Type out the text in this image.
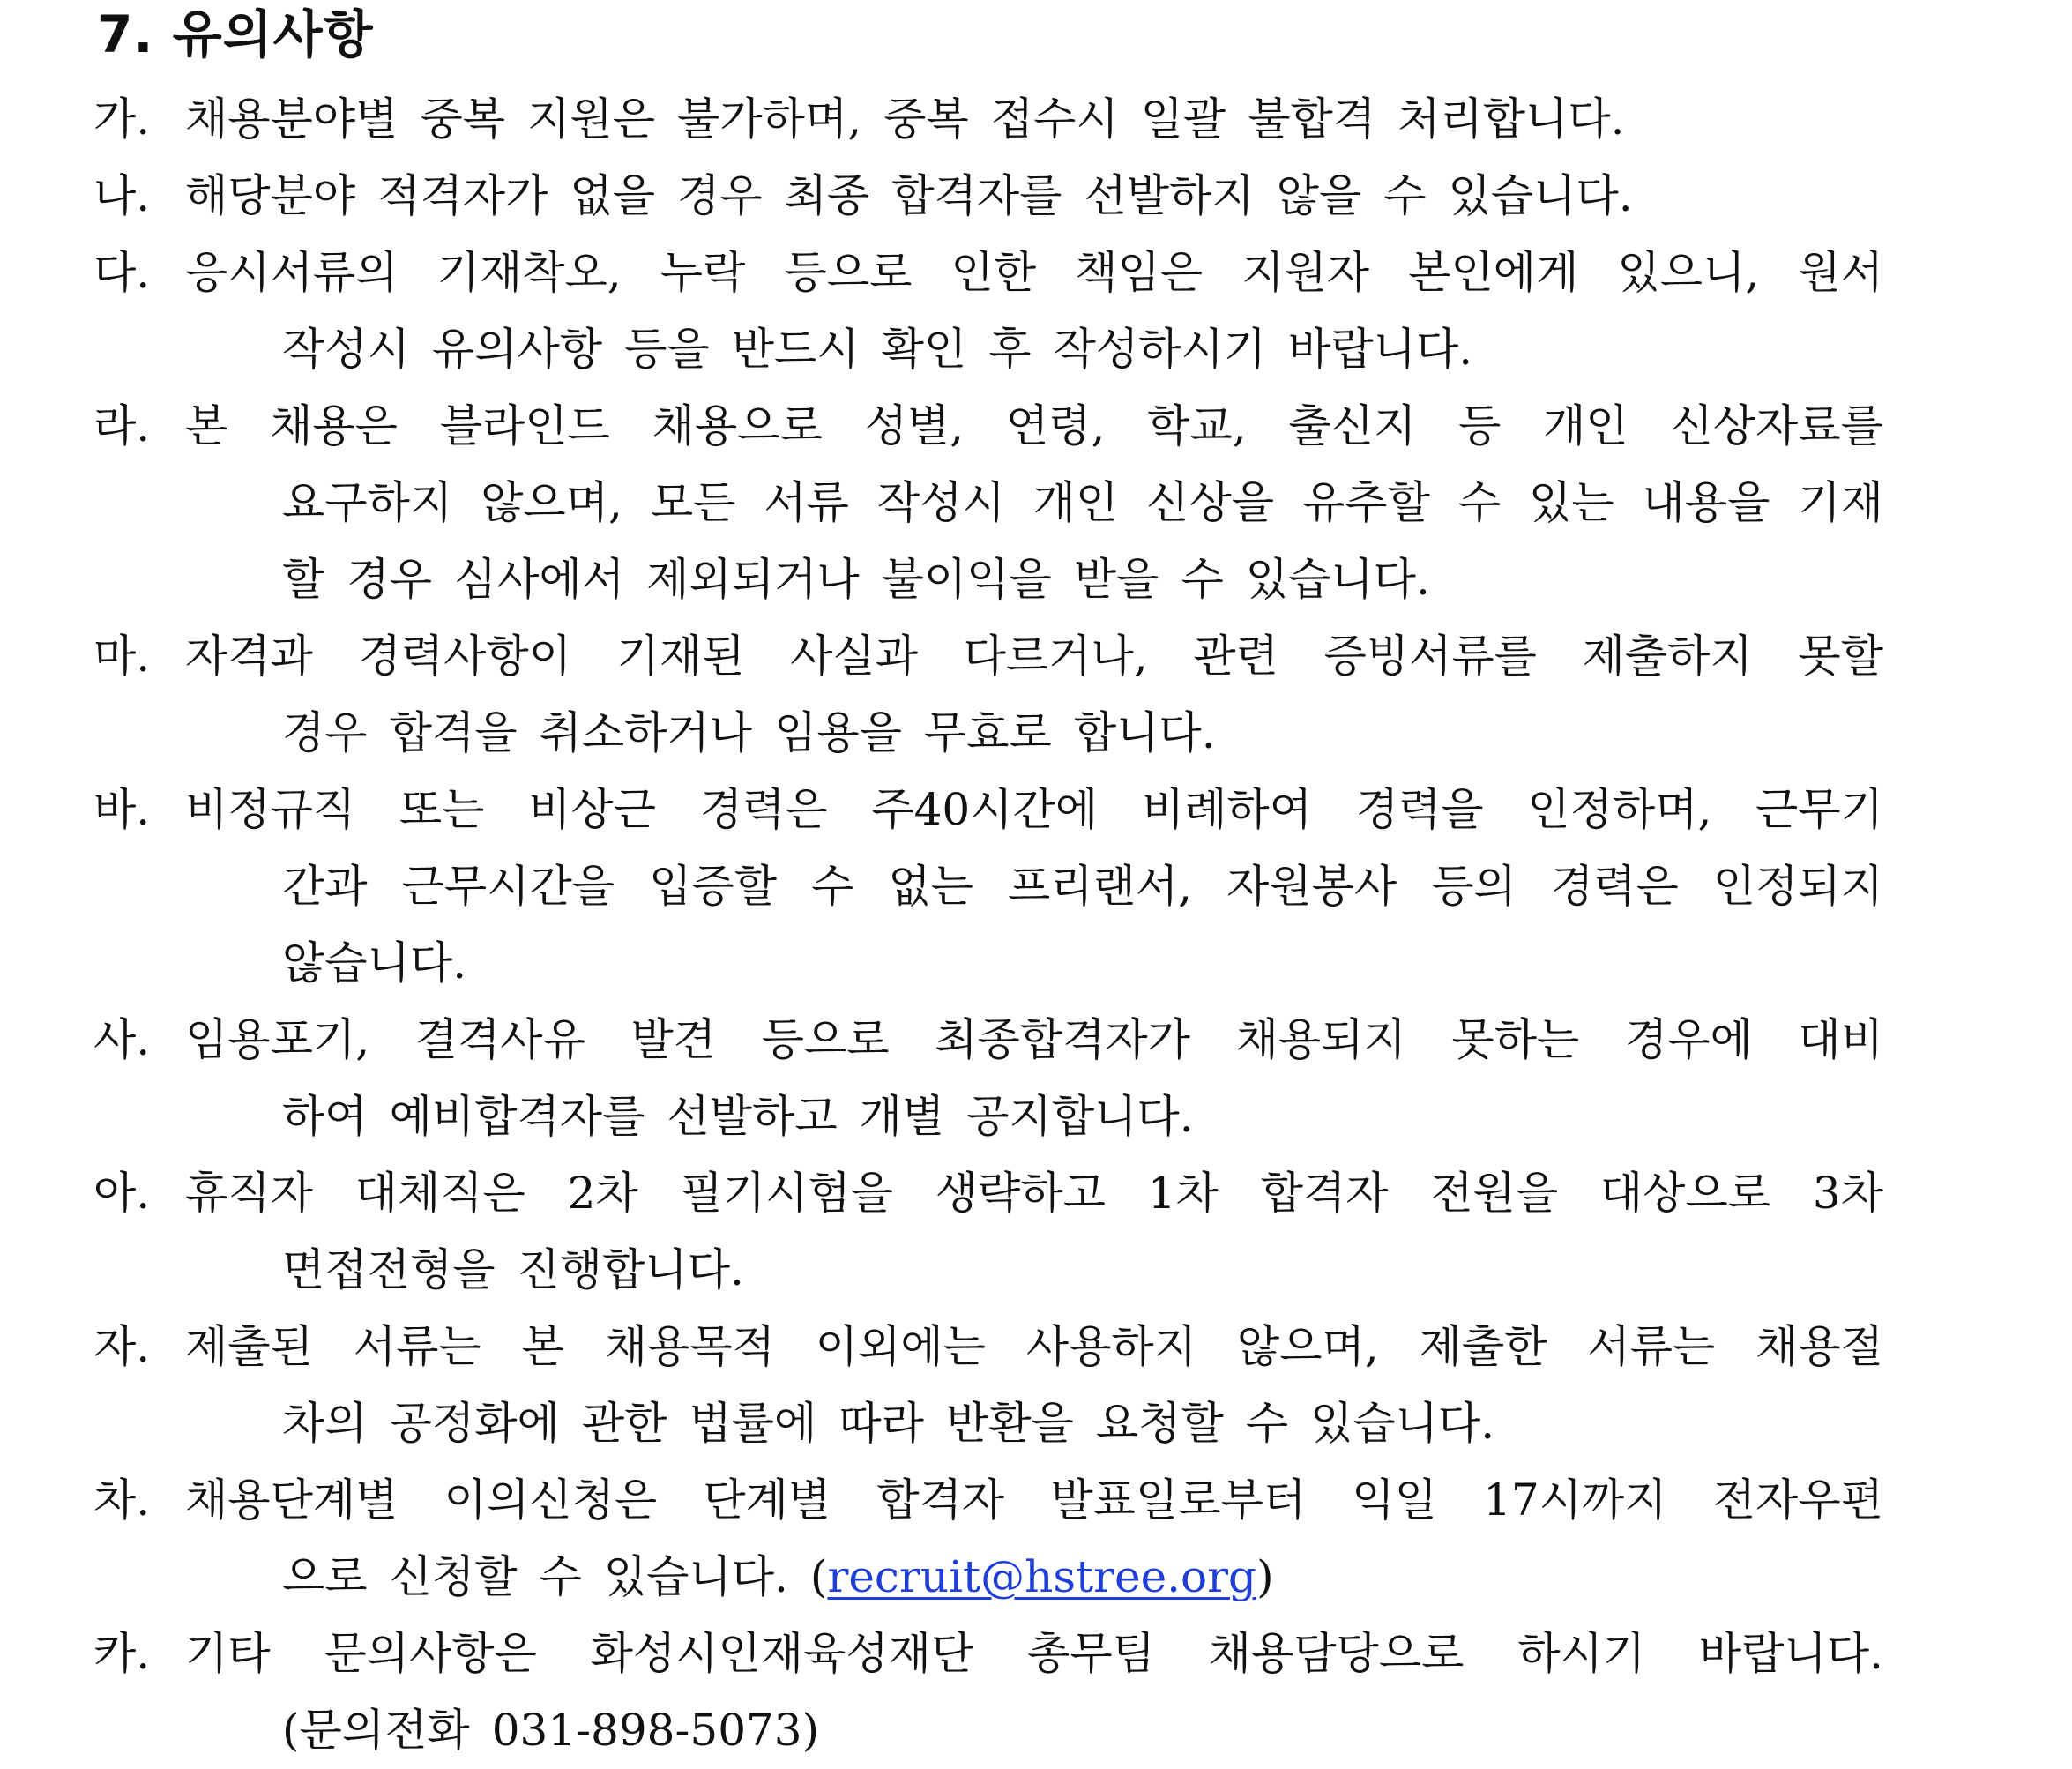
7. 유의사항
가. 채용분야별 중복 지원은 불가하며, 중복 접수시 일괄 불합격 처리합니다.
나. 해당분야 적격자가 없을 경우 최종 합격자를 선발하지 않을 수 있습니다.
다. 응시서류의 기재착오, 누락 등으로 인한 책임은 지원자 본인에게 있으니, 원서
작성시 유의사항 등을 반드시 확인 후 작성하시기 바랍니다.
라. 본 채용은 블라인드 채용으로 성별, 연령, 학교, 출신지 등 개인 신상자료를
요구하지 않으며, 모든 서류 작성시 개인 신상을 유추할 수 있는 내용을 기재
할 경우 심사에서 제외되거나 불이익을 받을 수 있습니다.
마. 자격과 경력사항이 기재된 사실과 다르거나, 관련 증빙서류를 제출하지 못할
경우 합격을 취소하거나 임용을 무효로 합니다.
바. 비정규직 또는 비상근 경력은 주40시간에 비례하여 경력을 인정하며, 근무기
간과 근무시간을 입증할 수 없는 프리랜서, 자원봉사 등의 경력은 인정되지
않습니다.
사. 임용포기, 결격사유 발견 등으로 최종합격자가 채용되지 못하는 경우에 대비
하여 예비합격자를 선발하고 개별 공지합니다.
아. 휴직자 대체직은 2차 필기시험을 생략하고 1차 합격자 전원을 대상으로 3차
면접전형을 진행합니다.
자. 제출된 서류는 본 채용목적 이외에는 사용하지 않으며, 제출한 서류는 채용절
차의 공정화에 관한 법률에 따라 반환을 요청할 수 있습니다.
차. 채용단계별 이의신청은 단계별 합격자 발표일로부터 익일 17시까지 전자우편
으로 신청할 수 있습니다. (recruit@hstree.org)
카. 기타 문의사항은 화성시인재육성재단 총무팀 채용담당으로 하시기 바랍니다.
(문의전화 031-898-5073)
